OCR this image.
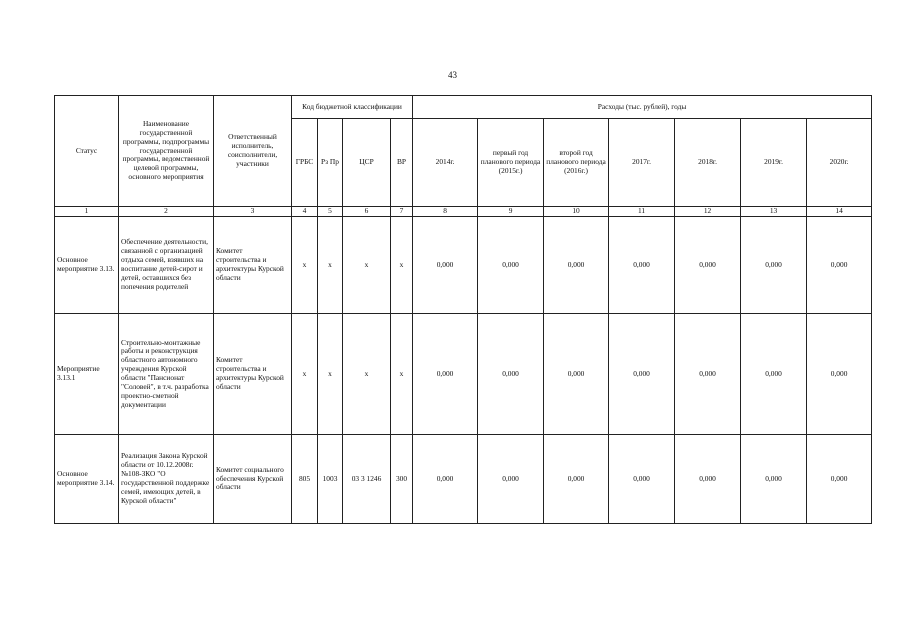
43
Статус	Наименование государственной программы, подпрограммы государственной программы, ведомственной целевой программы, основного мероприятия	Ответственный исполнитель, соисполнители, участники	Код бюджетной классификации				Расходы (тыс. рублей), годы						
			ГРБС	Рз Пр	ЦСР	ВР	2014г.	первый год планового периода (2015г.)	второй год планового периода (2016г.)	2017г.	2018г.	2019г.	2020г.
1	2	3	4	5	6	7	8	9	10	11	12	13	14
Основное мероприятие 3.13.	Обеспечение деятельности, связанной с организацией отдыха семей, взявших на воспитание детей-сирот и детей, оставшихся без попечения родителей	Комитет строительства и архитектуры Курской области	х	х	х	х	0,000	0,000	0,000	0,000	0,000	0,000	0,000
Мероприятие 3.13.1	Строительно-монтажные работы и реконструкция областного автономного учреждения Курской области "Пансионат "Соловей", в т.ч. разработка проектно-сметной документации	Комитет строительства и архитектуры Курской области	х	х	х	х	0,000	0,000	0,000	0,000	0,000	0,000	0,000
Основное мероприятие 3.14.	Реализация Закона Курской области от 10.12.2008г. №108-ЗКО "О государственной поддержке семей, имеющих детей, в Курской области"	Комитет социального обеспечения Курской области	805	1003	03 3 1246	300	0,000	0,000	0,000	0,000	0,000	0,000	0,000
